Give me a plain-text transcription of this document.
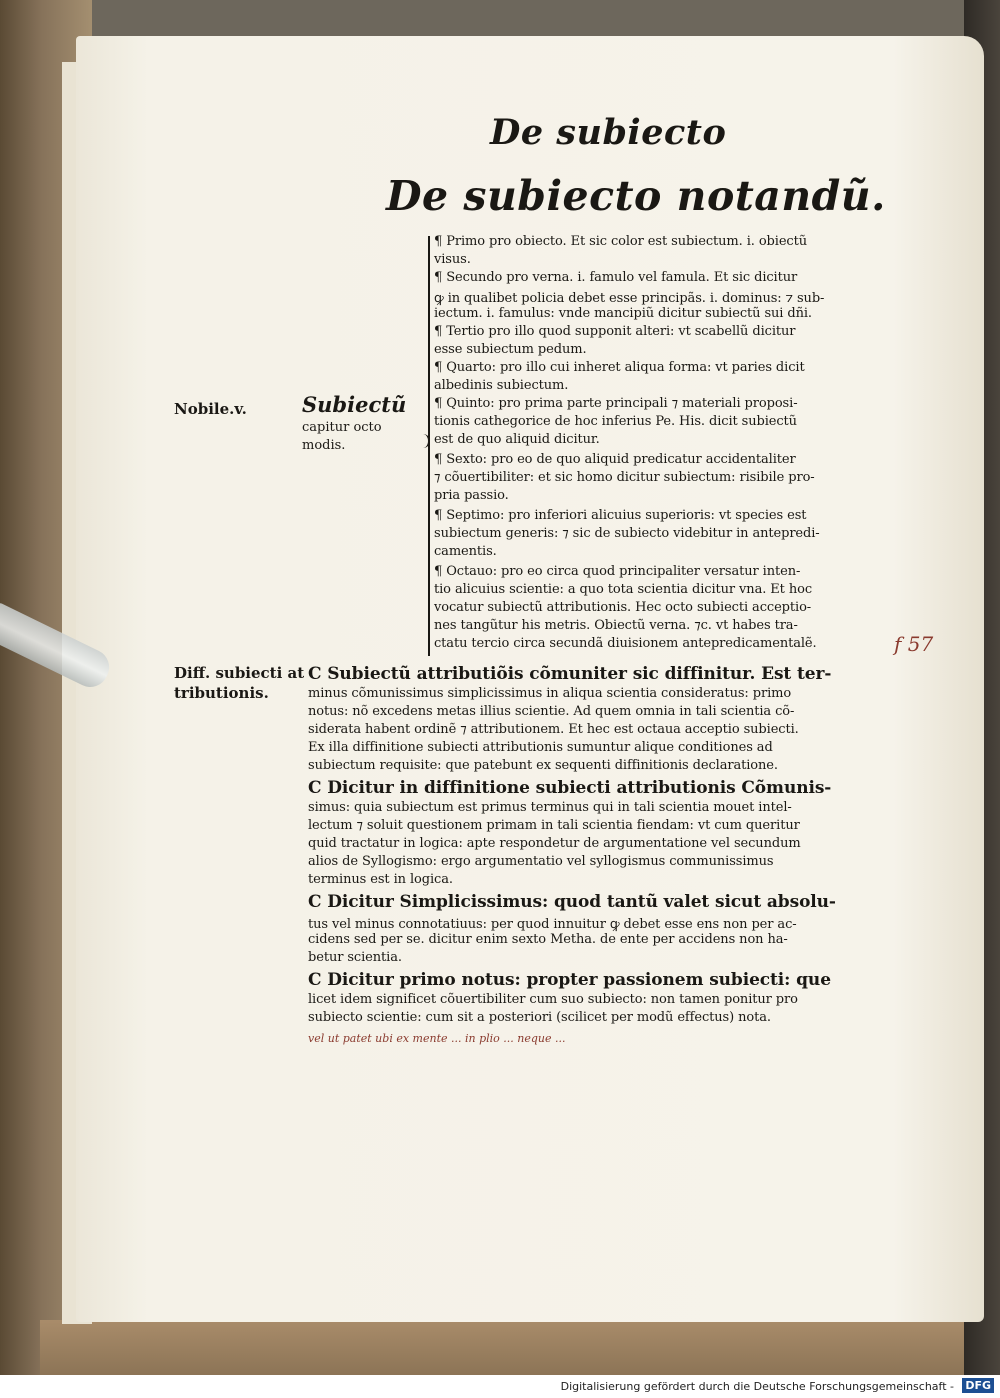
De subiecto
De subiecto notandũ.
Nobile.v.	Subiectũ
capitur octo
modis.
¶ Primo pro obiecto. Et sic color est subiectum. i. obiectũ
visus.
¶ Secundo pro verna. i. famulo vel famula. Et sic dicitur
ꝙ in qualibet policia debet esse principãs. i. dominus: ⁊ sub-
iectum. i. famulus: vnde mancipiũ dicitur subiectũ sui dñi.
¶ Tertio pro illo quod supponit alteri: vt scabellũ dicitur
esse subiectum pedum.
¶ Quarto: pro illo cui inheret aliqua forma: vt paries dicit
albedinis subiectum.
¶ Quinto: pro prima parte principali ⁊ materiali proposi-
tionis cathegorice de hoc inferius Pe. His. dicit subiectũ
est de quo aliquid dicitur.
¶ Sexto: pro eo de quo aliquid predicatur accidentaliter
⁊ cõuertibiliter: et sic homo dicitur subiectum: risibile pro-
pria passio.
¶ Septimo: pro inferiori alicuius superioris: vt species est
subiectum generis: ⁊ sic de subiecto videbitur in antepredi-
camentis.
¶ Octauo: pro eo circa quod principaliter versatur inten-
tio alicuius scientie: a quo tota scientia dicitur vna. Et hoc
vocatur subiectũ attributionis. Hec octo subiecti acceptio-
nes tangũtur his metris. Obiectũ verna. ⁊c. vt habes tra-
ctatu tercio circa secundã diuisionem antepredicamentalẽ.	f 57
Diff. subiecti at
tributionis.
C Subiectũ attributiõis cõmuniter sic diffinitur. Est ter-
minus cõmunissimus simplicissimus in aliqua scientia consideratus: primo
notus: nõ excedens metas illius scientie. Ad quem omnia in tali scientia cõ-
siderata habent ordinẽ ⁊ attributionem. Et hec est octaua acceptio subiecti.
Ex illa diffinitione subiecti attributionis sumuntur alique conditiones ad
subiectum requisite: que patebunt ex sequenti diffinitionis declaratione.
C Dicitur in diffinitione subiecti attributionis Cõmunis-
simus: quia subiectum est primus terminus qui in tali scientia mouet intel-
lectum ⁊ soluit questionem primam in tali scientia fiendam: vt cum queritur
quid tractatur in logica: apte respondetur de argumentatione vel secundum
alios de Syllogismo: ergo argumentatio vel syllogismus communissimus
terminus est in logica.
C Dicitur Simplicissimus: quod tantũ valet sicut absolu-
tus vel minus connotatiuus: per quod innuitur ꝙ debet esse ens non per ac-
cidens sed per se. dicitur enim sexto Metha. de ente per accidens non ha-
betur scientia.
C Dicitur primo notus: propter passionem subiecti: que
licet idem significet cõuertibiliter cum suo subiecto: non tamen ponitur pro
subiecto scientie: cum sit a posteriori (scilicet per modũ effectus) nota.
vel ut patet ubi ex mente ... in plio ... neque ...
Digitalisierung gefördert durch die Deutsche Forschungsgemeinschaft - DFG
